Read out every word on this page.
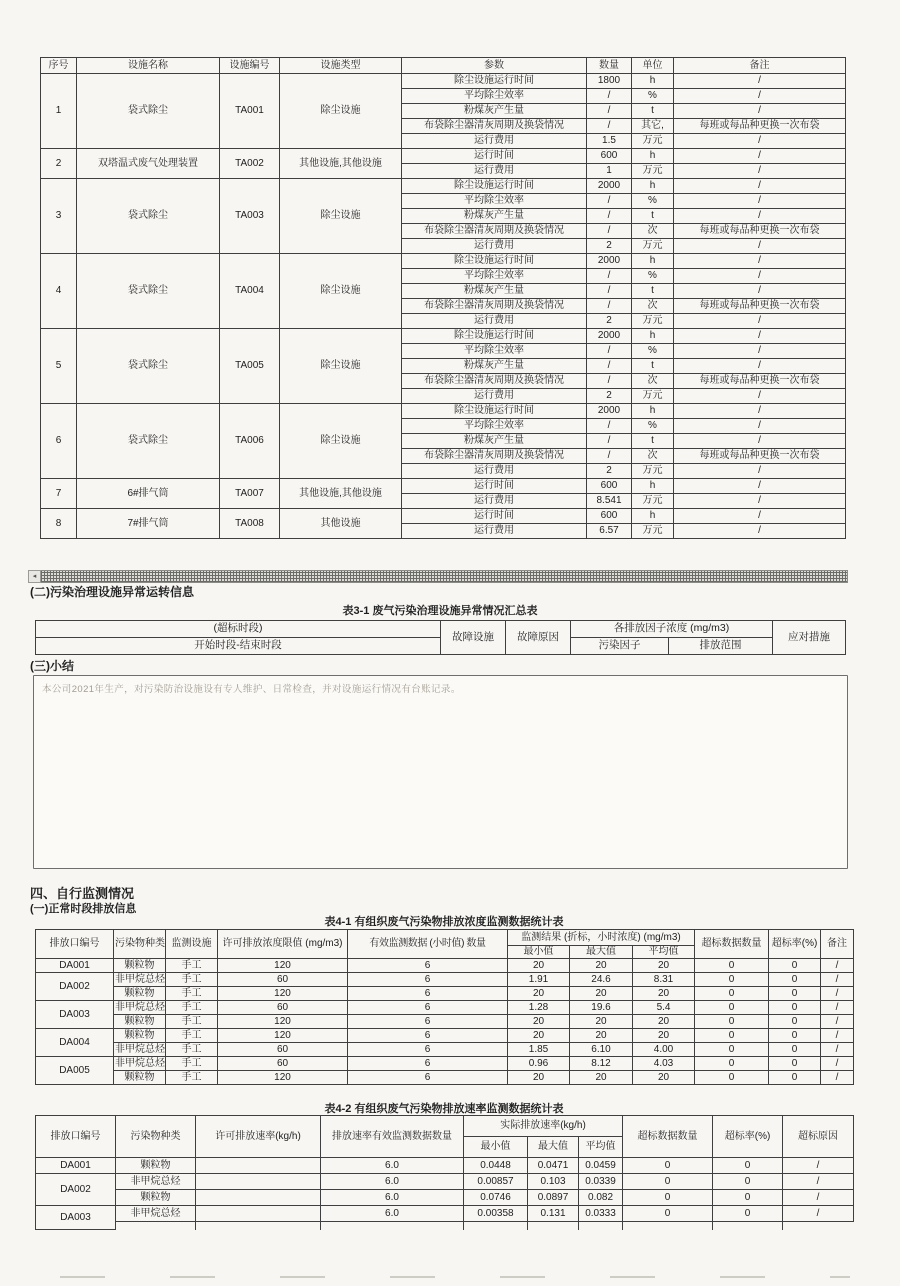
序号	设施名称	设施编号	设施类型	参数	数量	单位	备注
1	袋式除尘	TA001	除尘设施	除尘设施运行时间	1800	h	/
				平均除尘效率	/	%	/
				粉煤灰产生量	/	t	/
				布袋除尘器清灰周期及换袋情况	/	其它,	每班或每品种更换一次布袋
				运行费用	1.5	万元	/
2	双塔温式废气处理装置	TA002	其他设施,其他设施	运行时间	600	h	/
				运行费用	1	万元	/
3	袋式除尘	TA003	除尘设施	除尘设施运行时间	2000	h	/
				平均除尘效率	/	%	/
				粉煤灰产生量	/	t	/
				布袋除尘器清灰周期及换袋情况	/	次	每班或每品种更换一次布袋
				运行费用	2	万元	/
4	袋式除尘	TA004	除尘设施	除尘设施运行时间	2000	h	/
				平均除尘效率	/	%	/
				粉煤灰产生量	/	t	/
				布袋除尘器清灰周期及换袋情况	/	次	每班或每品种更换一次布袋
				运行费用	2	万元	/
5	袋式除尘	TA005	除尘设施	除尘设施运行时间	2000	h	/
				平均除尘效率	/	%	/
				粉煤灰产生量	/	t	/
				布袋除尘器清灰周期及换袋情况	/	次	每班或每品种更换一次布袋
				运行费用	2	万元	/
6	袋式除尘	TA006	除尘设施	除尘设施运行时间	2000	h	/
				平均除尘效率	/	%	/
				粉煤灰产生量	/	t	/
				布袋除尘器清灰周期及换袋情况	/	次	每班或每品种更换一次布袋
				运行费用	2	万元	/
7	6#排气筒	TA007	其他设施,其他设施	运行时间	600	h	/
				运行费用	8.541	万元	/
8	7#排气筒	TA008	其他设施	运行时间	600	h	/
				运行费用	6.57	万元	/
◂
(二)污染治理设施异常运转信息
表3-1 废气污染治理设施异常情况汇总表
(超标时段)	故障设施	故障原因	各排放因子浓度 (mg/m3)		应对措施
开始时段-结束时段			污染因子	排放范围	
(三)小结
本公司2021年生产，对污染防治设施设有专人维护、日常检查，并对设施运行情况有台账记录。
四、自行监测情况
(一)正常时段排放信息
表4-1 有组织废气污染物排放浓度监测数据统计表
排放口编号	污染物种类	监测设施	许可排放浓度限值 (mg/m3)	有效监测数据 (小时值) 数量	监测结果 (折标，小时浓度) (mg/m3)			超标数据数量	超标率(%)	备注
					最小值	最大值	平均值			
DA001	颗粒物	手工	120	6	20	20	20	0	0	/
DA002	非甲烷总烃	手工	60	6	1.91	24.6	8.31	0	0	/
	颗粒物	手工	120	6	20	20	20	0	0	/
DA003	非甲烷总烃	手工	60	6	1.28	19.6	5.4	0	0	/
	颗粒物	手工	120	6	20	20	20	0	0	/
DA004	颗粒物	手工	120	6	20	20	20	0	0	/
	非甲烷总烃	手工	60	6	1.85	6.10	4.00	0	0	/
DA005	非甲烷总烃	手工	60	6	0.96	8.12	4.03	0	0	/
	颗粒物	手工	120	6	20	20	20	0	0	/
表4-2 有组织废气污染物排放速率监测数据统计表
排放口编号	污染物种类	许可排放速率(kg/h)	排放速率有效监测数据数量	实际排放速率(kg/h)			超标数据数量	超标率(%)	超标原因
				最小值	最大值	平均值			
DA001	颗粒物		6.0	0.0448	0.0471	0.0459	0	0	/
DA002	非甲烷总烃		6.0	0.00857	0.103	0.0339	0	0	/
	颗粒物		6.0	0.0746	0.0897	0.082	0	0	/
DA003	非甲烷总烃		6.0	0.00358	0.131	0.0333	0	0	/
